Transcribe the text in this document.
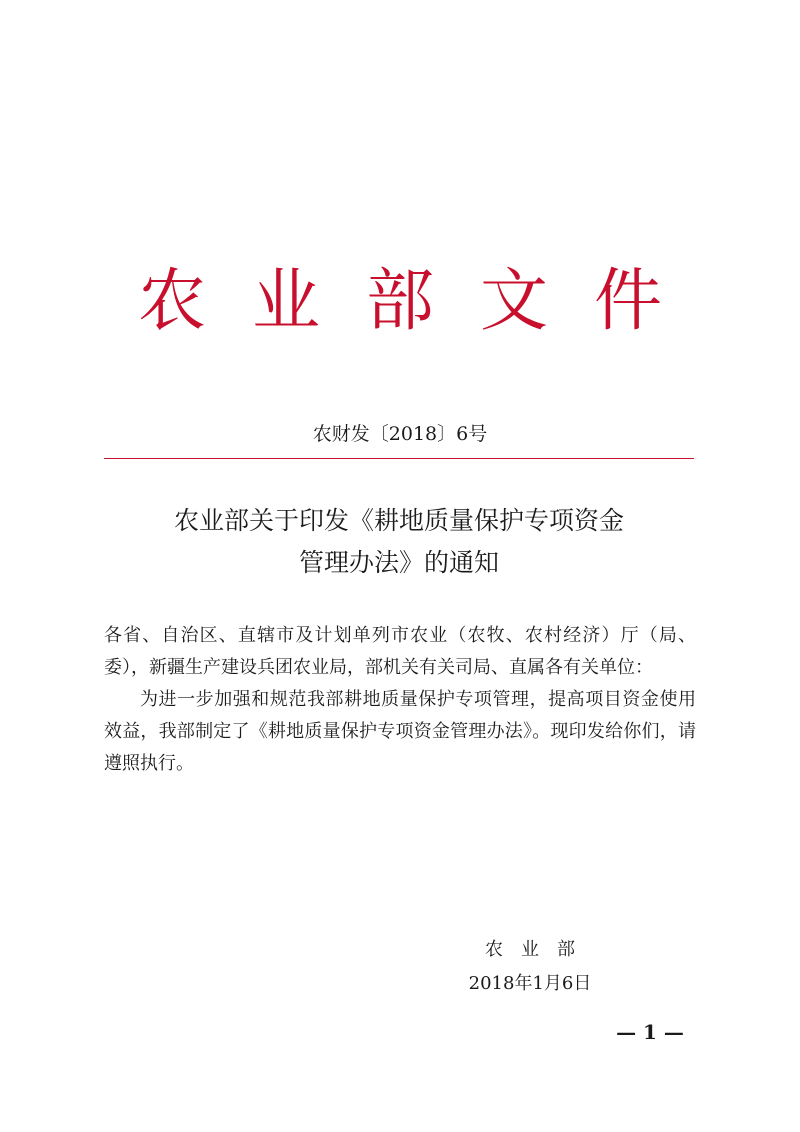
农业部文件
农财发〔2018〕6号
农业部关于印发《耕地质量保护专项资金
管理办法》的通知

各省、自治区、直辖市及计划单列市农业（农牧、农村经济）厅（局、委），新疆生产建设兵团农业局，部机关有关司局、直属各有关单位：

为进一步加强和规范我部耕地质量保护专项管理，提高项目资金使用效益，我部制定了《耕地质量保护专项资金管理办法》。现印发给你们，请遵照执行。

农业部
2018年1月6日
— 1 —
